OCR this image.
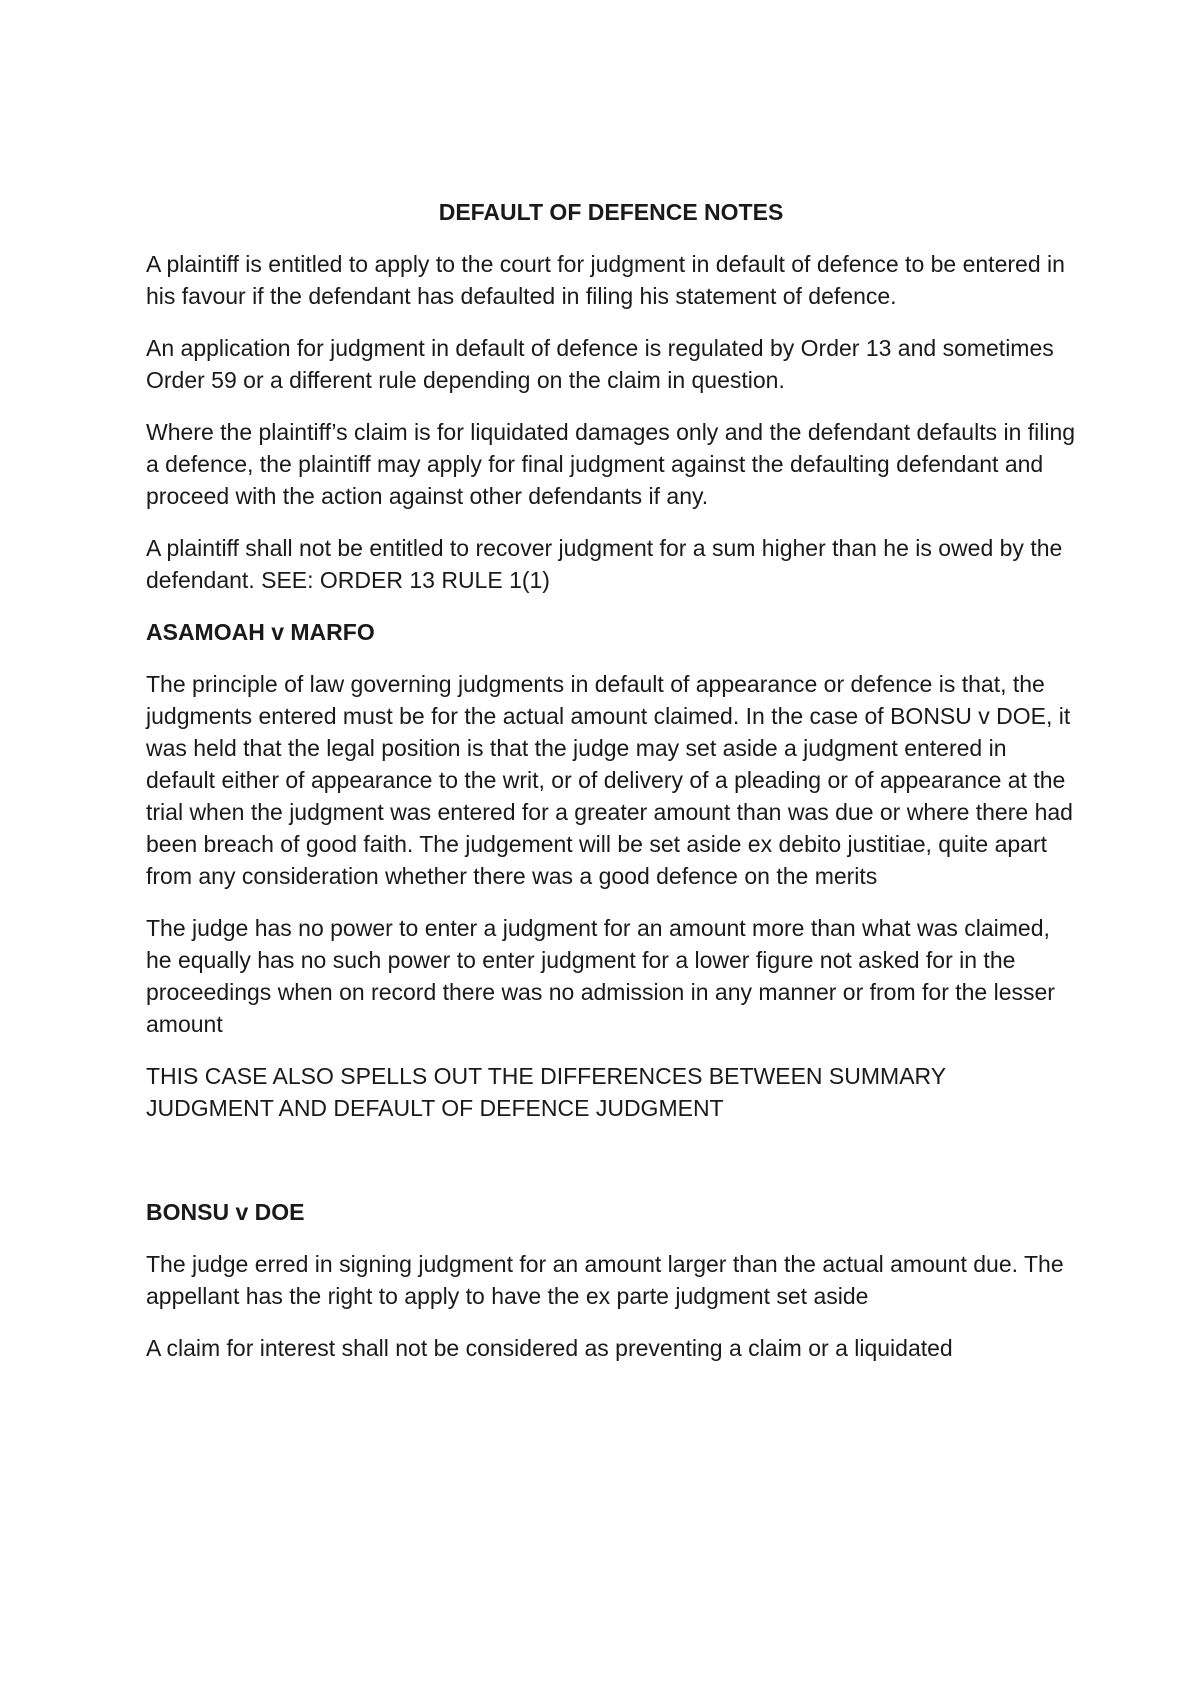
DEFAULT OF DEFENCE NOTES

A plaintiff is entitled to apply to the court for judgment in default of defence to be entered in his favour if the defendant has defaulted in filing his statement of defence.

An application for judgment in default of defence is regulated by Order 13 and sometimes Order 59 or a different rule depending on the claim in question.

Where the plaintiff’s claim is for liquidated damages only and the defendant defaults in filing a defence, the plaintiff may apply for final judgment against the defaulting defendant and proceed with the action against other defendants if any.

A plaintiff shall not be entitled to recover judgment for a sum higher than he is owed by the defendant. SEE: ORDER 13 RULE 1(1)

ASAMOAH v MARFO

The principle of law governing judgments in default of appearance or defence is that, the judgments entered must be for the actual amount claimed. In the case of BONSU v DOE, it was held that the legal position is that the judge may set aside a judgment entered in default either of appearance to the writ, or of delivery of a pleading or of appearance at the trial when the judgment was entered for a greater amount than was due or where there had been breach of good faith. The judgement will be set aside ex debito justitiae, quite apart from any consideration whether there was a good defence on the merits

The judge has no power to enter a judgment for an amount more than what was claimed, he equally has no such power to enter judgment for a lower figure not asked for in the proceedings when on record there was no admission in any manner or from for the lesser amount

THIS CASE ALSO SPELLS OUT THE DIFFERENCES BETWEEN SUMMARY JUDGMENT AND DEFAULT OF DEFENCE JUDGMENT

BONSU v DOE

The judge erred in signing judgment for an amount larger than the actual amount due. The appellant has the right to apply to have the ex parte judgment set aside

A claim for interest shall not be considered as preventing a claim or a liquidated
